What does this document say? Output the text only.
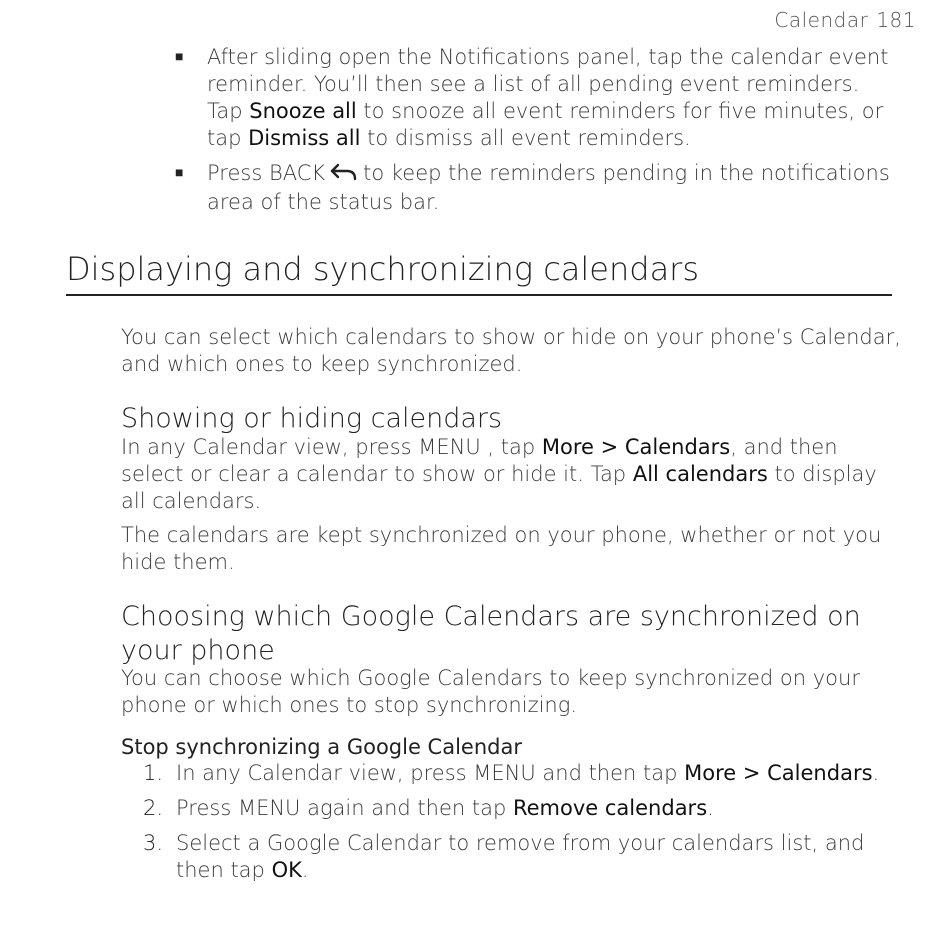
Calendar 181
■ After sliding open the Notifications panel, tap the calendar event reminder. You’ll then see a list of all pending event reminders. Tap Snooze all to snooze all event reminders for five minutes, or tap Dismiss all to dismiss all event reminders.
■ Press BACK to keep the reminders pending in the notifications area of the status bar.
Displaying and synchronizing calendars

You can select which calendars to show or hide on your phone’s Calendar, and which ones to keep synchronized.

Showing or hiding calendars

In any Calendar view, press MENU , tap More > Calendars, and then select or clear a calendar to show or hide it. Tap All calendars to display all calendars.

The calendars are kept synchronized on your phone, whether or not you hide them.

Choosing which Google Calendars are synchronized on your phone

You can choose which Google Calendars to keep synchronized on your phone or which ones to stop synchronizing.

Stop synchronizing a Google Calendar
1. In any Calendar view, press MENU and then tap More > Calendars.
2. Press MENU again and then tap Remove calendars.
3. Select a Google Calendar to remove from your calendars list, and then tap OK.
